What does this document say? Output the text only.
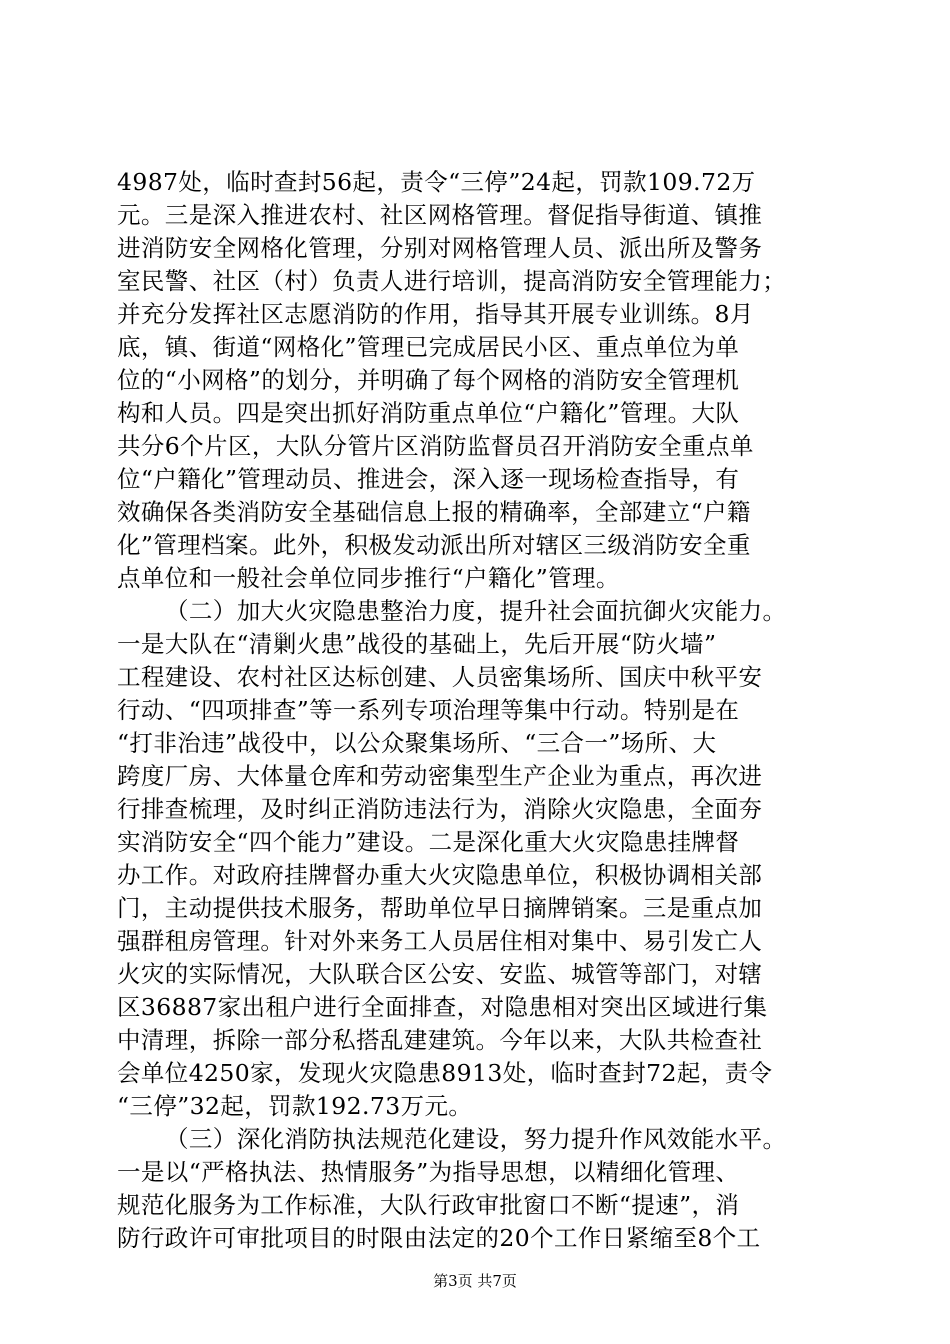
4987处，临时查封56起，责令“三停”24起，罚款109.72万
元。三是深入推进农村、社区网格管理。督促指导街道、镇推
进消防安全网格化管理，分别对网格管理人员、派出所及警务
室民警、社区（村）负责人进行培训，提高消防安全管理能力；
并充分发挥社区志愿消防的作用，指导其开展专业训练。8月
底，镇、街道“网格化”管理已完成居民小区、重点单位为单
位的“小网格”的划分，并明确了每个网格的消防安全管理机
构和人员。四是突出抓好消防重点单位“户籍化”管理。大队
共分6个片区，大队分管片区消防监督员召开消防安全重点单
位“户籍化”管理动员、推进会，深入逐一现场检查指导，有
效确保各类消防安全基础信息上报的精确率，全部建立“户籍
化”管理档案。此外，积极发动派出所对辖区三级消防安全重
点单位和一般社会单位同步推行“户籍化”管理。
（二）加大火灾隐患整治力度，提升社会面抗御火灾能力。
一是大队在“清剿火患”战役的基础上，先后开展“防火墙”
工程建设、农村社区达标创建、人员密集场所、国庆中秋平安
行动、“四项排查”等一系列专项治理等集中行动。特别是在
“打非治违”战役中，以公众聚集场所、“三合一”场所、大
跨度厂房、大体量仓库和劳动密集型生产企业为重点，再次进
行排查梳理，及时纠正消防违法行为，消除火灾隐患，全面夯
实消防安全“四个能力”建设。二是深化重大火灾隐患挂牌督
办工作。对政府挂牌督办重大火灾隐患单位，积极协调相关部
门，主动提供技术服务，帮助单位早日摘牌销案。三是重点加
强群租房管理。针对外来务工人员居住相对集中、易引发亡人
火灾的实际情况，大队联合区公安、安监、城管等部门，对辖
区36887家出租户进行全面排查，对隐患相对突出区域进行集
中清理，拆除一部分私搭乱建建筑。今年以来，大队共检查社
会单位4250家，发现火灾隐患8913处，临时查封72起，责令
“三停”32起，罚款192.73万元。
（三）深化消防执法规范化建设，努力提升作风效能水平。
一是以“严格执法、热情服务”为指导思想，以精细化管理、
规范化服务为工作标准，大队行政审批窗口不断“提速”，消
防行政许可审批项目的时限由法定的20个工作日紧缩至8个工
第3页 共7页
